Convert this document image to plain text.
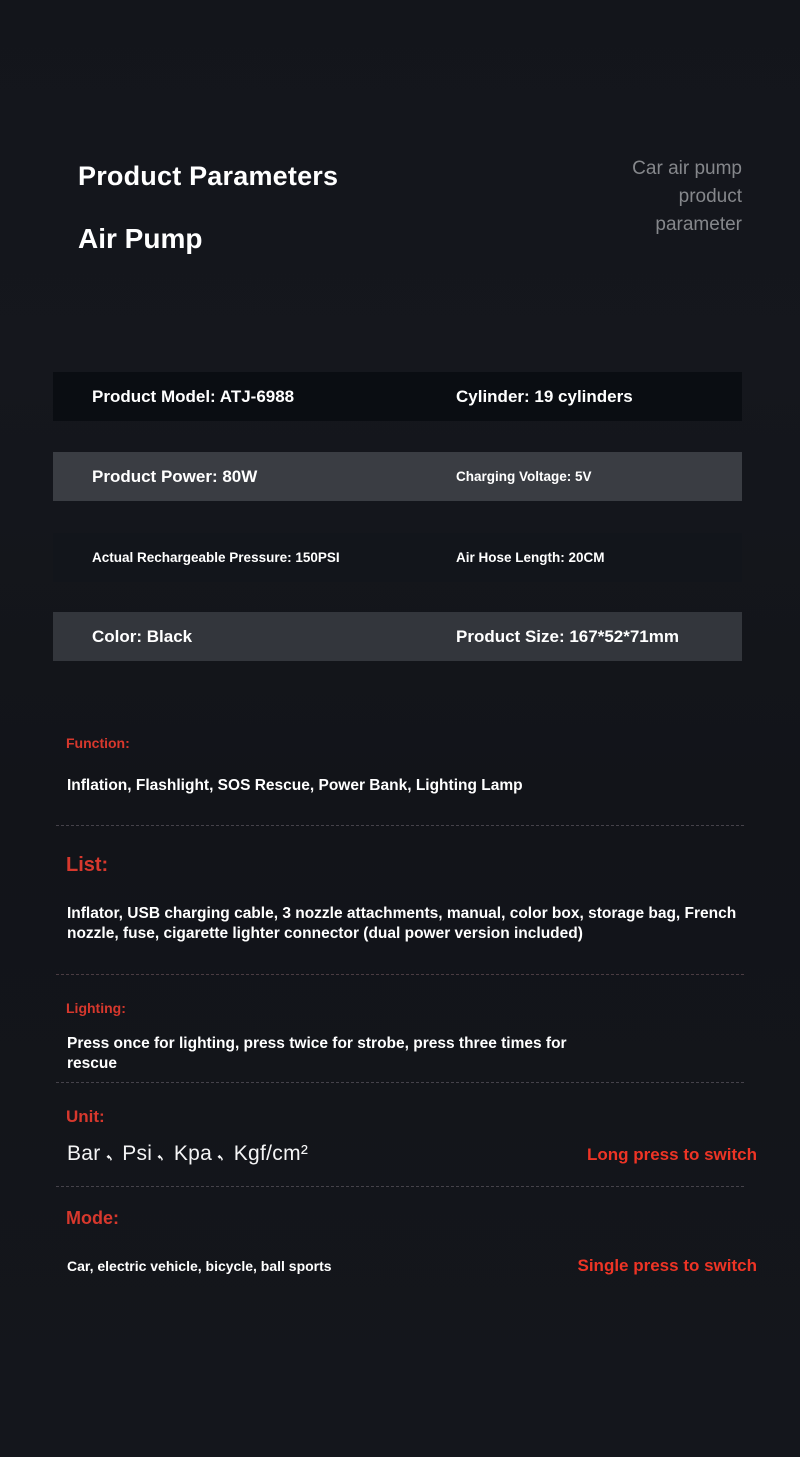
Product Parameters
Air Pump
Car air pump
product
parameter
Product Model: ATJ-6988	Cylinder: 19 cylinders
Product Power: 80W	Charging Voltage: 5V
Actual Rechargeable Pressure: 150PSI	Air Hose Length: 20CM
Color: Black	Product Size: 167*52*71mm
Function:
Inflation, Flashlight, SOS Rescue, Power Bank, Lighting Lamp
List:
Inflator, USB charging cable, 3 nozzle attachments, manual, color box, storage bag, French nozzle, fuse, cigarette lighter connector (dual power version included)
Lighting:
Press once for lighting, press twice for strobe, press three times for rescue
Unit:
Bar, Psi, Kpa, Kgf/cm²	Long press to switch
Mode:
Car, electric vehicle, bicycle, ball sports	Single press to switch
